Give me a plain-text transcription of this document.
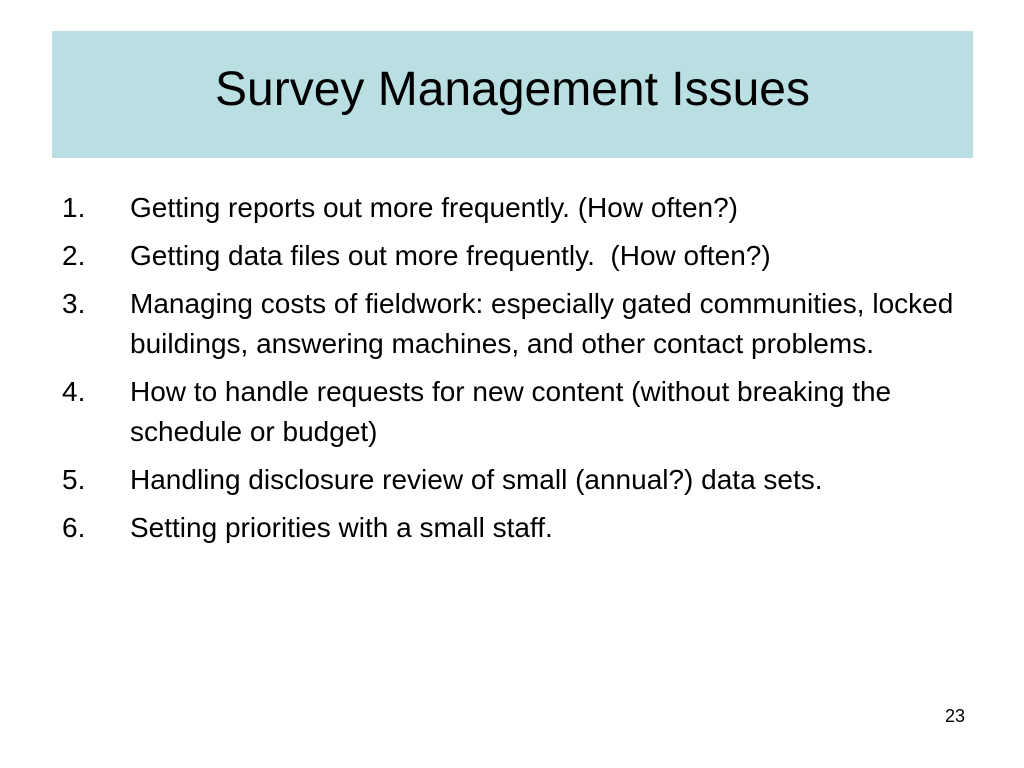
Survey Management Issues
1.	Getting reports out more frequently. (How often?)
2.	Getting data files out more frequently.  (How often?)
3.	Managing costs of fieldwork: especially gated communities, locked buildings, answering machines, and other contact problems.
4.	How to handle requests for new content (without breaking the schedule or budget)
5.	Handling disclosure review of small (annual?) data sets.
6.	Setting priorities with a small staff.
23
